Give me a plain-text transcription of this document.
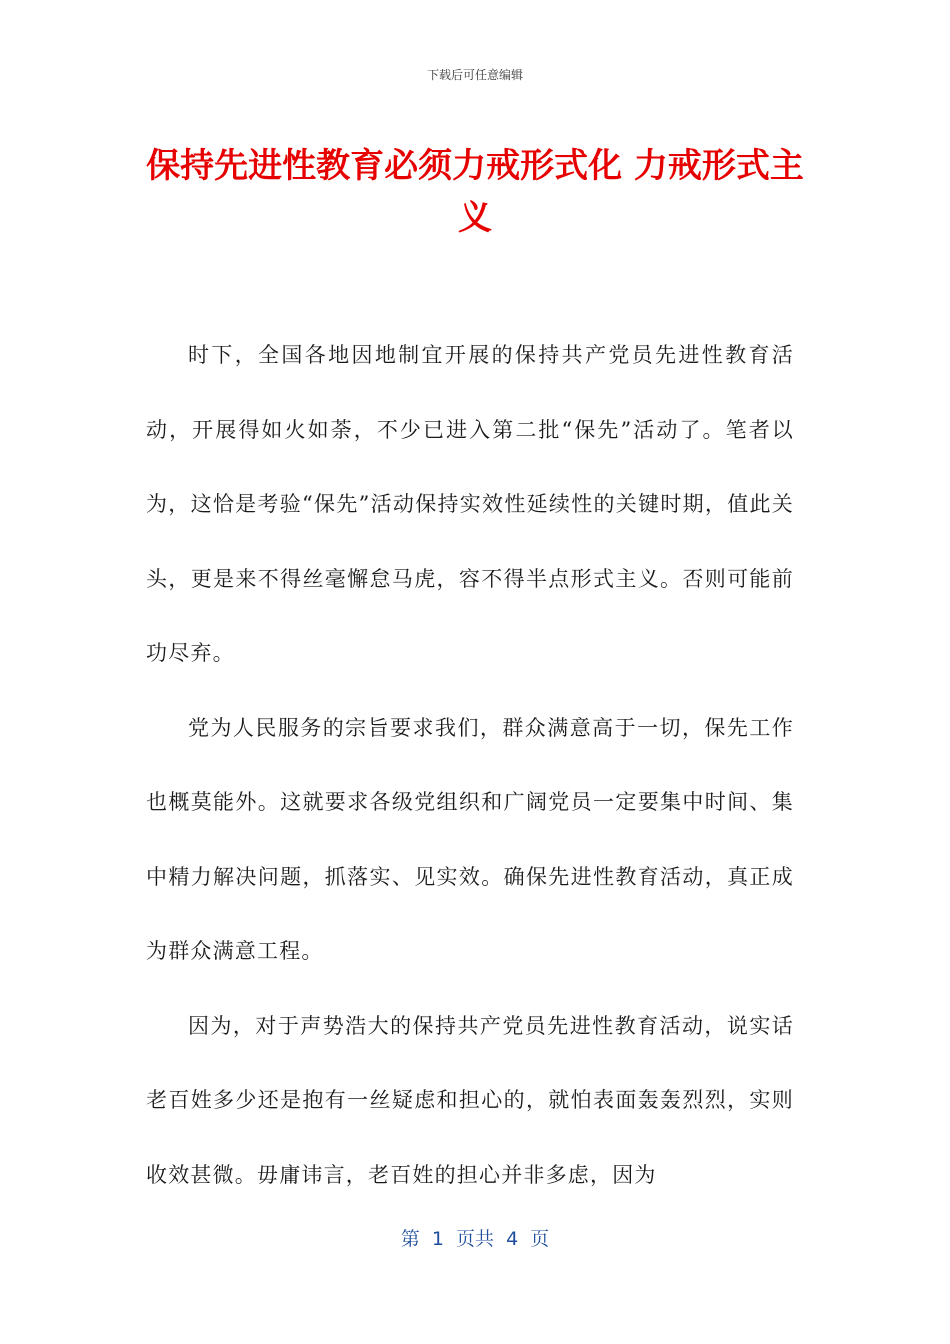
下载后可任意编辑
保持先进性教育必须力戒形式化 力戒形式主义

时下，全国各地因地制宜开展的保持共产党员先进性教育活动，开展得如火如荼，不少已进入第二批“保先”活动了。笔者以为，这恰是考验“保先”活动保持实效性延续性的关键时期，值此关头，更是来不得丝毫懈怠马虎，容不得半点形式主义。否则可能前功尽弃。

党为人民服务的宗旨要求我们，群众满意高于一切，保先工作也概莫能外。这就要求各级党组织和广阔党员一定要集中时间、集中精力解决问题，抓落实、见实效。确保先进性教育活动，真正成为群众满意工程。

因为，对于声势浩大的保持共产党员先进性教育活动，说实话老百姓多少还是抱有一丝疑虑和担心的，就怕表面轰轰烈烈，实则收效甚微。毋庸讳言，老百姓的担心并非多虑，因为

第  1  页共  4  页
